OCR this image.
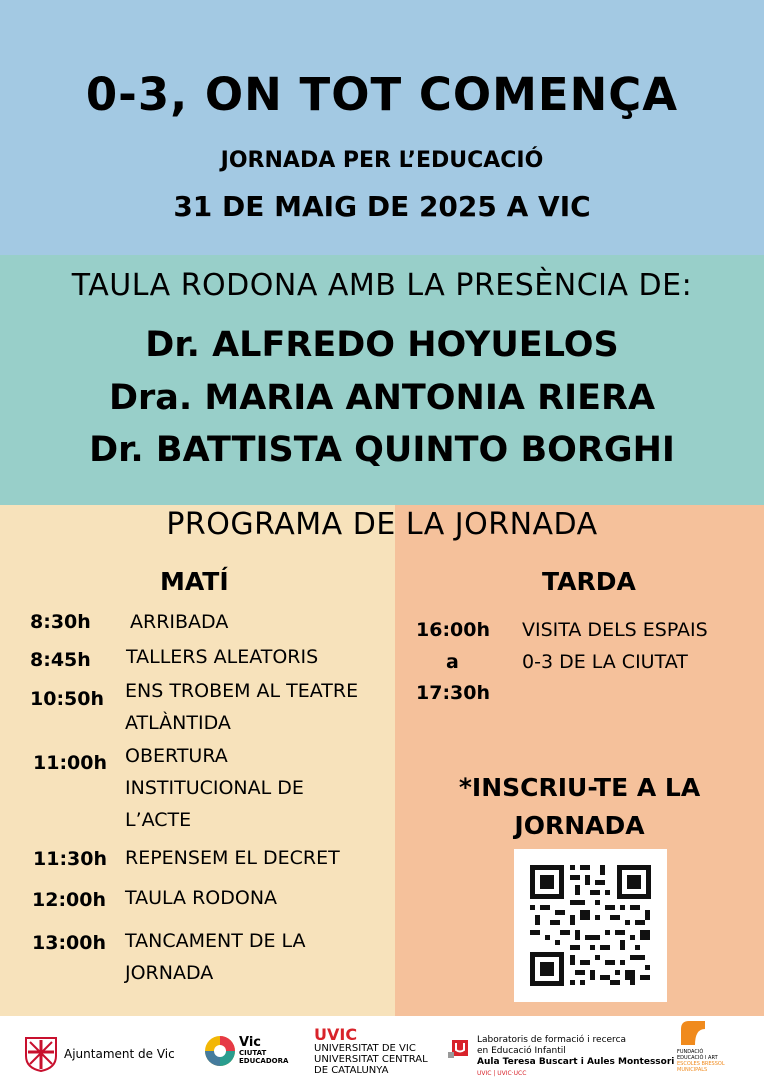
0-3, ON TOT COMENÇA
JORNADA PER L’EDUCACIÓ
31 DE MAIG DE 2025 A VIC
TAULA RODONA AMB LA PRESÈNCIA DE:
Dr. ALFREDO HOYUELOS
Dra. MARIA ANTONIA RIERA
Dr. BATTISTA QUINTO BORGHI
MATÍ
8:30h ARRIBADA
8:45h TALLERS ALEATORIS
10:50h ENS TROBEM AL TEATRE ATLÀNTIDA
11:00h OBERTURA INSTITUCIONAL DE L’ACTE
11:30h REPENSEM EL DECRET
12:00h TAULA RODONA
13:00h TANCAMENT DE LA JORNADA
TARDA
16:00h
a
17:30h
VISITA DELS ESPAIS 0-3 DE LA CIUTAT
*INSCRIU-TE A LA
JORNADA
PROGRAMA DE LA JORNADA
Ajuntament de Vic
Vic
CIUTAT
EDUCADORA
UVIC
UNIVERSITAT DE VIC
UNIVERSITAT CENTRAL
DE CATALUNYA
Laboratoris de formació i recerca
en Educació Infantil
Aula Teresa Buscart i Aules Montessori
UVIC | UVIC·UCC
FUNDACIÓ
EDUCACIÓ I ART
ESCOLES BRESSOL
MUNICIPALS
